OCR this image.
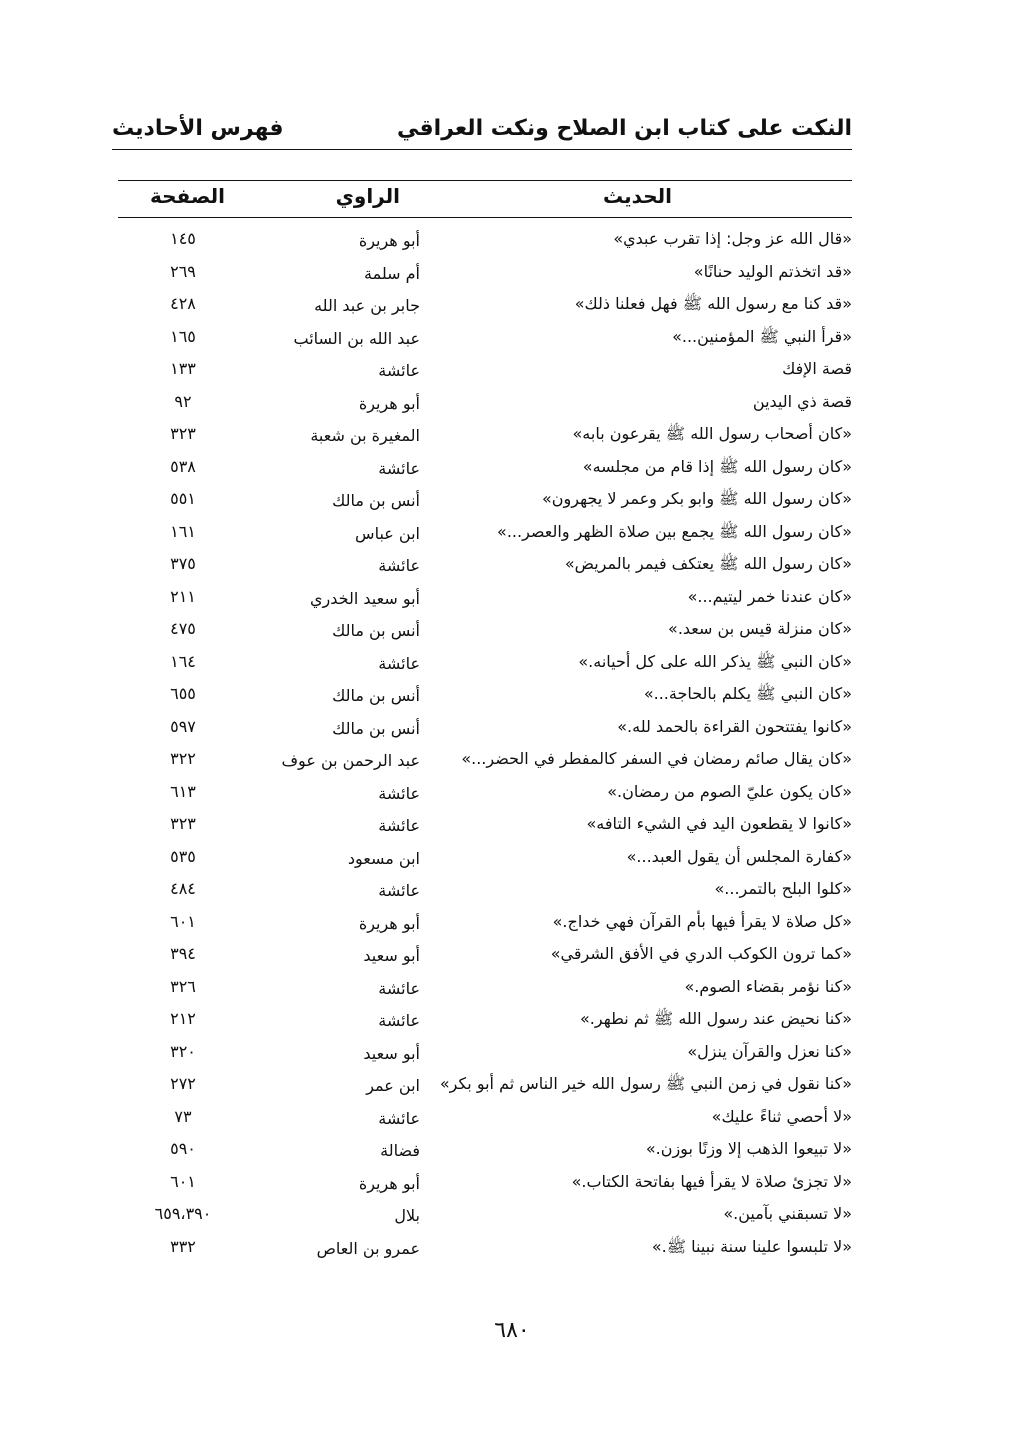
النكت على كتاب ابن الصلاح ونكت العراقي
فهرس الأحاديث
الحديث
الراوي
الصفحة
«قال الله عز وجل: إذا تقرب عبدي»
أبو هريرة
١٤٥
«قد اتخذتم الوليد حنانًا»
أم سلمة
٢٦٩
«قد كنا مع رسول الله ﷺ فهل فعلنا ذلك»
جابر بن عبد الله
٤٢٨
«قرأ النبي ﷺ المؤمنين...»
عبد الله بن السائب
١٦٥
قصة الإفك
عائشة
١٣٣
قصة ذي اليدين
أبو هريرة
٩٢
«كان أصحاب رسول الله ﷺ يقرعون بابه»
المغيرة بن شعبة
٣٢٣
«كان رسول الله ﷺ إذا قام من مجلسه»
عائشة
٥٣٨
«كان رسول الله ﷺ وابو بكر وعمر لا يجهرون»
أنس بن مالك
٥٥١
«كان رسول الله ﷺ يجمع بين صلاة الظهر والعصر...»
ابن عباس
١٦١
«كان رسول الله ﷺ يعتكف فيمر بالمريض»
عائشة
٣٧٥
«كان عندنا خمر ليتيم...»
أبو سعيد الخدري
٢١١
«كان منزلة قيس بن سعد.»
أنس بن مالك
٤٧٥
«كان النبي ﷺ يذكر الله على كل أحيانه.»
عائشة
١٦٤
«كان النبي ﷺ يكلم بالحاجة...»
أنس بن مالك
٦٥٥
«كانوا يفتتحون القراءة بالحمد لله.»
أنس بن مالك
٥٩٧
«كان يقال صائم رمضان في السفر كالمفطر في الحضر...»
عبد الرحمن بن عوف
٣٢٢
«كان يكون عليّ الصوم من رمضان.»
عائشة
٦١٣
«كانوا لا يقطعون اليد في الشيء التافه»
عائشة
٣٢٣
«كفارة المجلس أن يقول العبد...»
ابن مسعود
٥٣٥
«كلوا البلح بالتمر...»
عائشة
٤٨٤
«كل صلاة لا يقرأ فيها بأم القرآن فهي خداج.»
أبو هريرة
٦٠١
«كما ترون الكوكب الدري في الأفق الشرقي»
أبو سعيد
٣٩٤
«كنا نؤمر بقضاء الصوم.»
عائشة
٣٢٦
«كنا نحيض عند رسول الله ﷺ ثم نطهر.»
عائشة
٢١٢
«كنا نعزل والقرآن ينزل»
أبو سعيد
٣٢٠
«كنا نقول في زمن النبي ﷺ رسول الله خير الناس ثم أبو بكر»
ابن عمر
٢٧٢
«لا أحصي ثناءً عليك»
عائشة
٧٣
«لا تبيعوا الذهب إلا وزنًا بوزن.»
فضالة
٥٩٠
«لا تجزئ صلاة لا يقرأ فيها بفاتحة الكتاب.»
أبو هريرة
٦٠١
«لا تسبقني بآمين.»
بلال
٦٥٩،٣٩٠
«لا تلبسوا علينا سنة نبينا ﷺ.»
عمرو بن العاص
٣٣٢
٦٨٠
